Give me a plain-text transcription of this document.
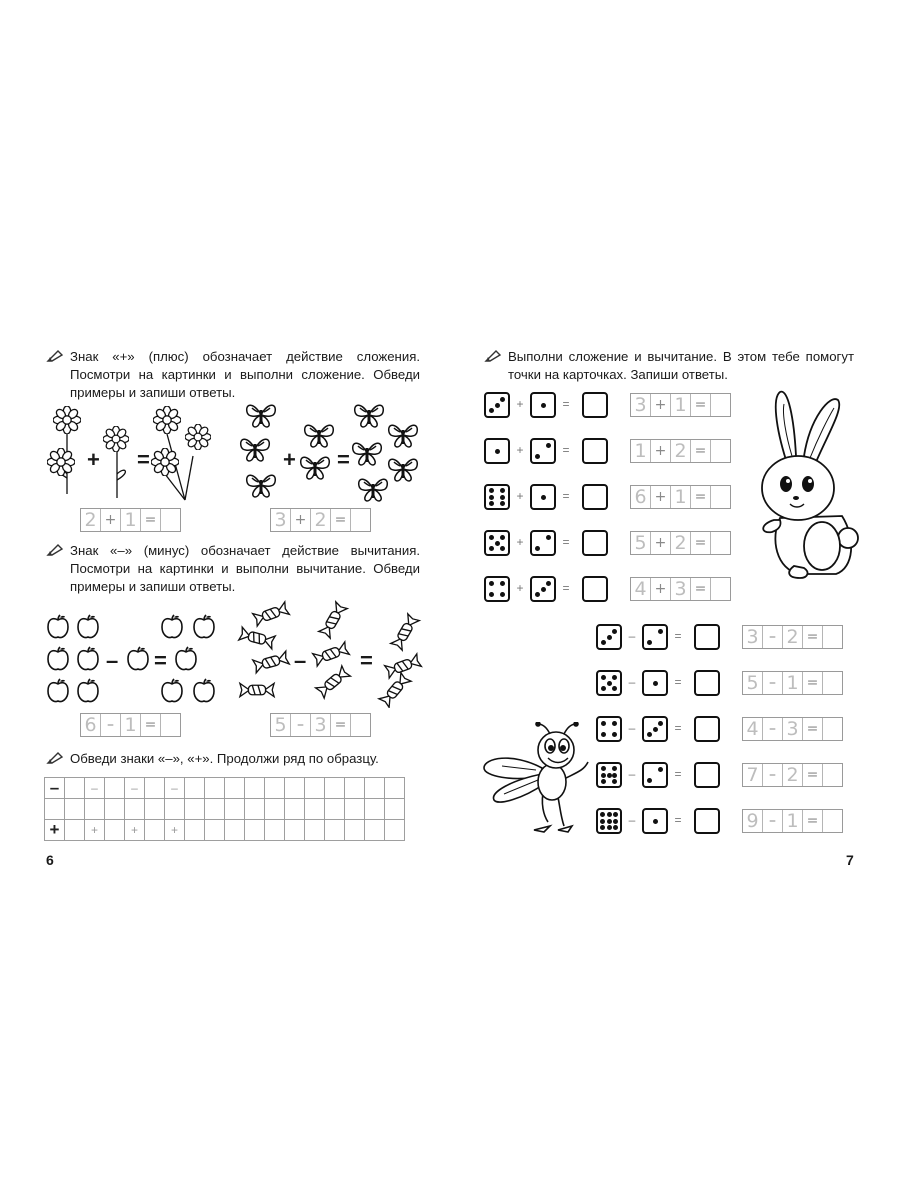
Знак «+» (плюс) обозначает действие сложения. Посмотри на картинки и выполни сложение. Обведи примеры и запиши ответы.
+ =	+ =
2 + 1 =	3 + 2 =
Знак «–» (минус) обозначает действие вычитания. Посмотри на картинки и выполни вычитание. Обведи примеры и запиши ответы.
– =	– =
6 – 1 =	5 – 3 =
Обведи знаки «–», «+». Продолжи ряд по образцу.
–		–		–		–											

+		+		+		+											
6
Выполни сложение и вычитание. В этом тебе помогут точки на карточках. Запиши ответы.
+	=	3 + 1 =
+	=	1 + 2 =
+	=	6 + 1 =
+	=	5 + 2 =
+	=	4 + 3 =
–	=	3 – 2 =
–	=	5 – 1 =
–	=	4 – 3 =
–	=	7 – 2 =
–	=	9 – 1 =
7
